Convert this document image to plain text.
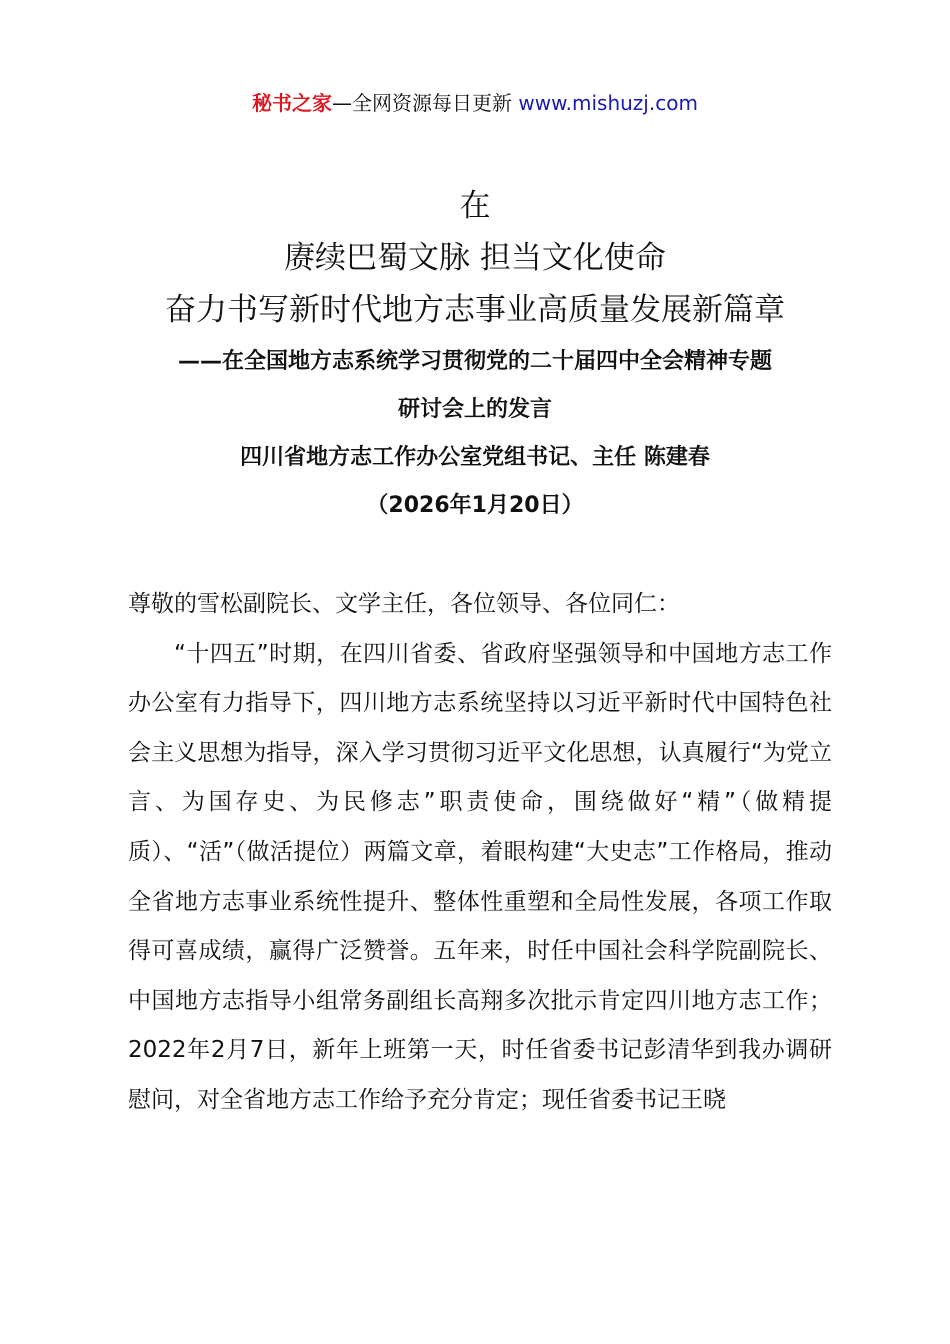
秘书之家—全网资源每日更新 www.mishuzj.com
在
赓续巴蜀文脉 担当文化使命
奋力书写新时代地方志事业高质量发展新篇章
——在全国地方志系统学习贯彻党的二十届四中全会精神专题
研讨会上的发言
四川省地方志工作办公室党组书记、主任 陈建春
（2026年1月20日）

尊敬的雪松副院长、文学主任，各位领导、各位同仁：

“十四五”时期，在四川省委、省政府坚强领导和中国地方志工作办公室有力指导下，四川地方志系统坚持以习近平新时代中国特色社会主义思想为指导，深入学习贯彻习近平文化思想，认真履行“为党立言、为国存史、为民修志”职责使命，围绕做好“精”（做精提质）、“活”（做活提位）两篇文章，着眼构建“大史志”工作格局，推动全省地方志事业系统性提升、整体性重塑和全局性发展，各项工作取得可喜成绩，赢得广泛赞誉。五年来，时任中国社会科学院副院长、中国地方志指导小组常务副组长高翔多次批示肯定四川地方志工作；2022年2月7日，新年上班第一天，时任省委书记彭清华到我办调研慰问，对全省地方志工作给予充分肯定；现任省委书记王晓
